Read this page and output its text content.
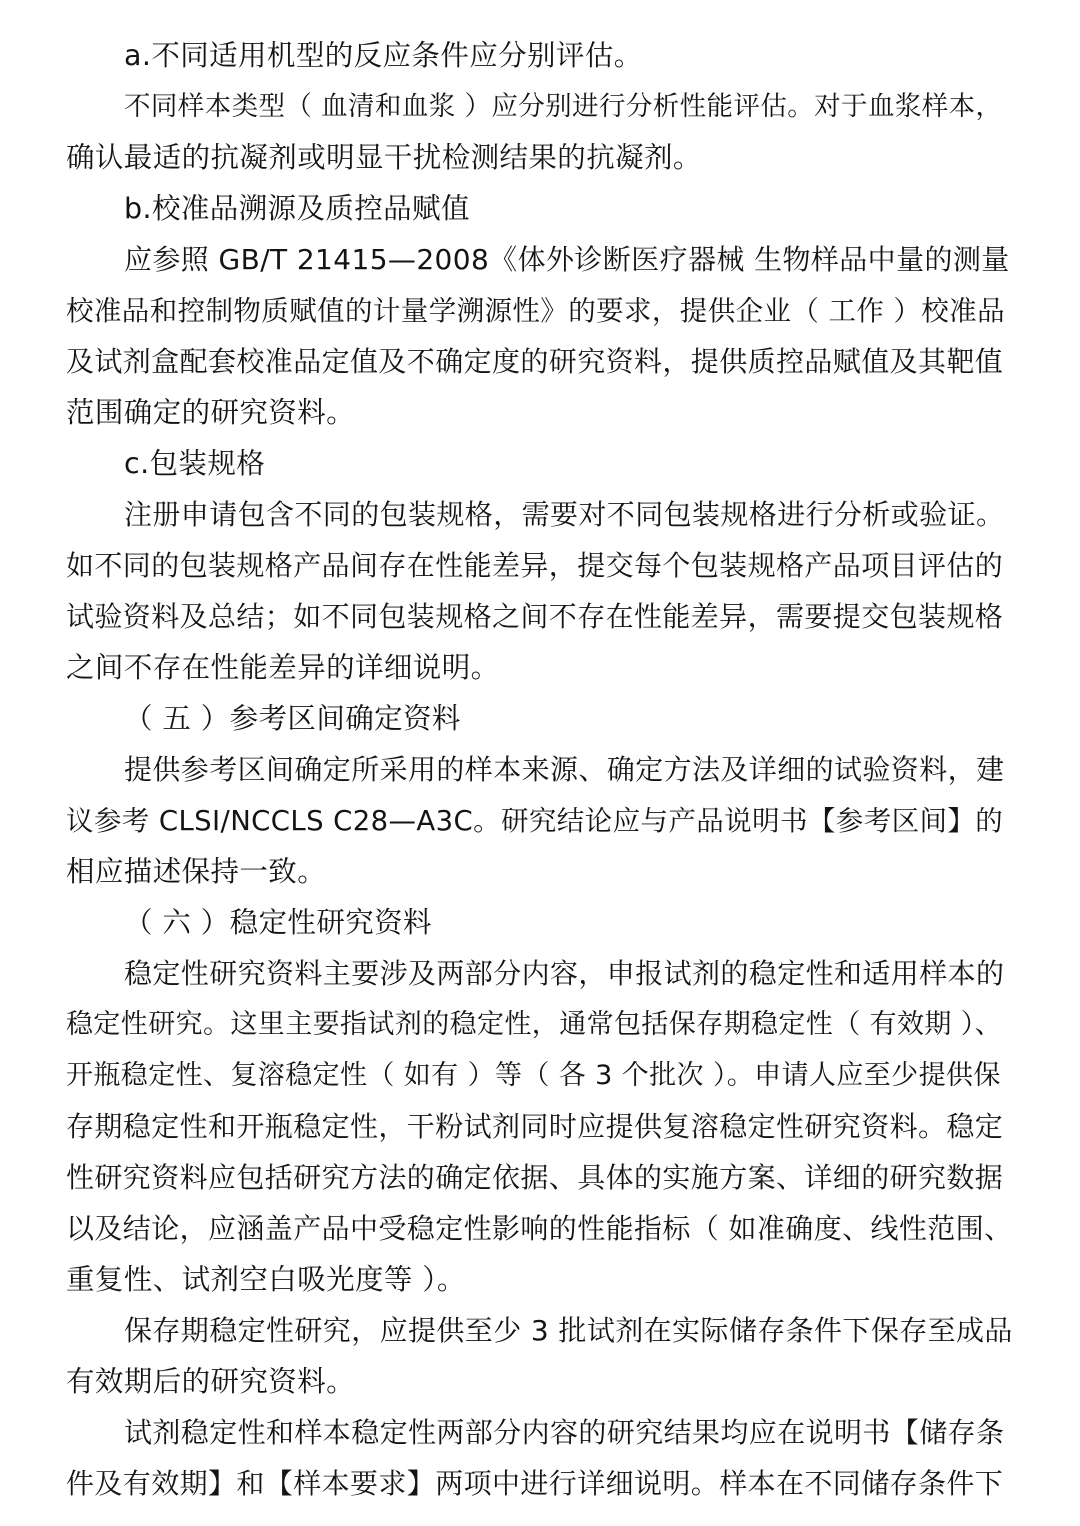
a.不同适用机型的反应条件应分别评估。
不同样本类型（ 血清和血浆 ）应分别进行分析性能评估。对于血浆样本，
确认最适的抗凝剂或明显干扰检测结果的抗凝剂。
b.校准品溯源及质控品赋值
应参照 GB/T 21415—2008《体外诊断医疗器械 生物样品中量的测量
校准品和控制物质赋值的计量学溯源性》的要求，提供企业（ 工作 ）校准品
及试剂盒配套校准品定值及不确定度的研究资料，提供质控品赋值及其靶值
范围确定的研究资料。
c.包装规格
注册申请包含不同的包装规格，需要对不同包装规格进行分析或验证。
如不同的包装规格产品间存在性能差异，提交每个包装规格产品项目评估的
试验资料及总结；如不同包装规格之间不存在性能差异，需要提交包装规格
之间不存在性能差异的详细说明。
（ 五 ）参考区间确定资料
提供参考区间确定所采用的样本来源、确定方法及详细的试验资料，建
议参考 CLSI/NCCLS C28—A3C。研究结论应与产品说明书【参考区间】的
相应描述保持一致。
（ 六 ）稳定性研究资料
稳定性研究资料主要涉及两部分内容，申报试剂的稳定性和适用样本的
稳定性研究。这里主要指试剂的稳定性，通常包括保存期稳定性（ 有效期 ）、
开瓶稳定性、复溶稳定性（ 如有 ）等（ 各 3 个批次 ）。申请人应至少提供保
存期稳定性和开瓶稳定性，干粉试剂同时应提供复溶稳定性研究资料。稳定
性研究资料应包括研究方法的确定依据、具体的实施方案、详细的研究数据
以及结论，应涵盖产品中受稳定性影响的性能指标（ 如准确度、线性范围、
重复性、试剂空白吸光度等 ）。
保存期稳定性研究，应提供至少 3 批试剂在实际储存条件下保存至成品
有效期后的研究资料。
试剂稳定性和样本稳定性两部分内容的研究结果均应在说明书【储存条
件及有效期】和【样本要求】两项中进行详细说明。样本在不同储存条件下
